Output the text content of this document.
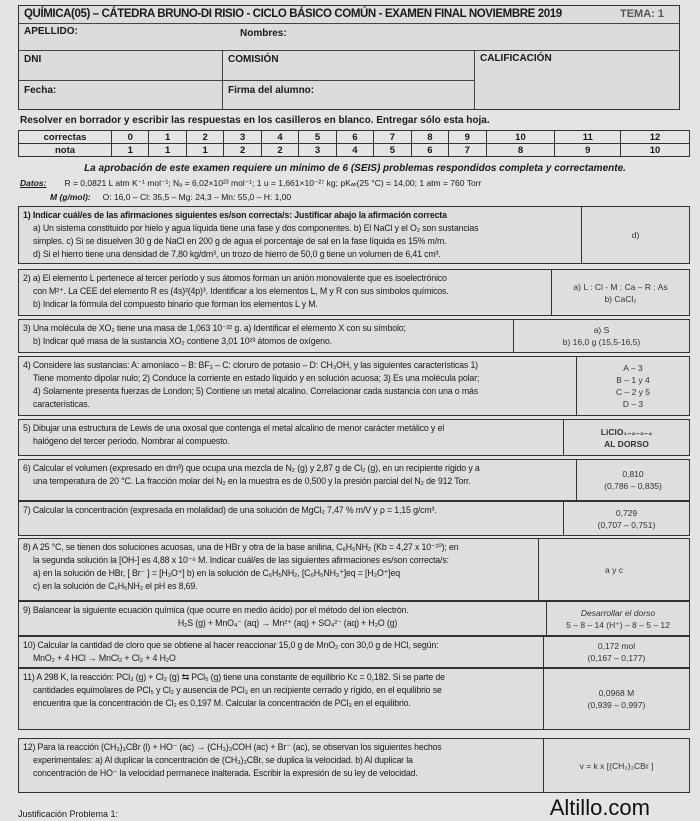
QUÍMICA(05) – CÁTEDRA BRUNO-DI RISIO - CICLO BÁSICO COMÚN - EXAMEN FINAL NOVIEMBRE 2019	TEMA: 1
APELLIDO:	Nombres:
DNI	COMISIÓN	CALIFICACIÓN
Fecha:	Firma del alumno:
Resolver en borrador y escribir las respuestas en los casilleros en blanco. Entregar sólo esta hoja.
correctas	0	1	2	3	4	5	6	7	8	9	10	11	12
nota	1	1	1	2	2	3	4	5	6	7	8	9	10
La aprobación de este examen requiere un mínimo de 6 (SEIS) problemas respondidos completa y correctamente.
Datos: R = 0,0821 L atm K⁻¹ mol⁻¹; Nₐ = 6,02×10²³ mol⁻¹; 1 u = 1,661×10⁻²⁷ kg; pK𝓌(25 °C) = 14,00; 1 atm = 760 Torr
M (g/mol): O: 16,0 – Cl: 35,5 – Mg: 24,3 – Mn: 55,0 – H: 1,00
1) Indicar cuál/es de las afirmaciones siguientes es/son correcta/s: Justificar abajo la afirmación correcta
a) Un sistema constituido por hielo y agua líquida tiene una fase y dos componentes. b) El NaCl y el O₂ son sustancias
simples. c) Si se disuelven 30 g de NaCl en 200 g de agua el porcentaje de sal en la fase líquida es 15% m/m.
d) Si el hierro tiene una densidad de 7,80 kg/dm³, un trozo de hierro de 50,0 g tiene un volumen de 6,41 cm³.
d)
2) a) El elemento L pertenece al tercer período y sus átomos forman un anión monovalente que es isoelectrónico
con M²⁺. La CEE del elemento R es (4s)²(4p)³. Identificar a los elementos L, M y R con sus símbolos químicos.
b) Indicar la fórmula del compuesto binario que forman los elementos L y M.
a) L : Cl - M : Ca – R : As
b) CaCl₂
3) Una molécula de XO₂ tiene una masa de 1,063 10⁻²² g. a) Identificar el elemento X con su símbolo;
b) Indicar qué masa de la sustancia XO₂ contiene 3,01 10²³ átomos de oxígeno.
a) S
b) 16,0 g (15,5-16,5)
4) Considere las sustancias: A: amoníaco – B: BF₃ – C: cloruro de potasio – D: CH₃OH, y las siguientes características 1)
Tiene momento dipolar nulo; 2) Conduce la corriente en estado líquido y en solución acuosa; 3) Es una molécula polar;
4) Solamente presenta fuerzas de London; 5) Contiene un metal alcalino. Correlacionar cada sustancia con una o más
características.
A – 3
B – 1 y 4
C – 2 y 5
D – 3
5) Dibujar una estructura de Lewis de una oxosal que contenga el metal alcalino de menor carácter metálico y el
halógeno del tercer período. Nombrar al compuesto.
LiClO₁₋₂₋₃₋₄
AL DORSO
6) Calcular el volumen (expresado en dm³) que ocupa una mezcla de N₂ (g) y 2,87 g de Cl₂ (g), en un recipiente rígido y a
una temperatura de 20 °C. La fracción molar del N₂ en la muestra es de 0,500 y la presión parcial del N₂ de 912 Torr.
0,810
(0,786 – 0,835)
7) Calcular la concentración (expresada en molalidad) de una solución de MgCl₂ 7,47 % m/V y ρ = 1,15 g/cm³.	0,729
(0,707 – 0,751)
8) A 25 °C, se tienen dos soluciones acuosas, una de HBr y otra de la base anilina, C₆H₅NH₂ (Kb = 4,27 x 10⁻¹⁰); en
la segunda solución la [OH-] es 4,88 x 10⁻⁶ M. Indicar cuál/es de las siguientes afirmaciones es/son correcta/s:
a) en la solución de HBr, [ Br⁻ ] = [H₃O⁺] b) en la solución de C₆H₅NH₂, [C₆H₅NH₃⁺]eq = [H₃O⁺]eq
c) en la solución de C₆H₅NH₂ el pH es 8,69.
a y c
9) Balancear la siguiente ecuación química (que ocurre en medio ácido) por el método del ion electrón.
H₂S (g) + MnO₄⁻ (aq) → Mn²⁺ (aq) + SO₄²⁻ (aq) + H₂O (g)
Desarrollar el dorso
5 – 8 – 14 (H⁺) – 8 – 5 – 12
10) Calcular la cantidad de cloro que se obtiene al hacer reaccionar 15,0 g de MnO₂ con 30,0 g de HCl, según:
MnO₂ + 4 HCl → MnCl₂ + Cl₂ + 4 H₂O
0,172 mol
(0,167 – 0,177)
11) A 298 K, la reacción: PCl₃ (g) + Cl₂ (g) ⇆ PCl₅ (g) tiene una constante de equilibrio Kc = 0,182. Si se parte de
cantidades equimolares de PCl₅ y Cl₂ y ausencia de PCl₃ en un recipiente cerrado y rígido, en el equilibrio se
encuentra que la concentración de Cl₂ es 0,197 M. Calcular la concentración de PCl₃ en el equilibrio.
0,0968 M
(0,939 – 0,997)
12) Para la reacción (CH₃)₃CBr (l) + HO⁻ (ac) → (CH₃)₃COH (ac) + Br⁻ (ac), se observan los siguientes hechos
experimentales: a) Al duplicar la concentración de (CH₃)₃CBr, se duplica la velocidad. b) Al duplicar la
concentración de HO⁻ la velocidad permanece inalterada. Escribir la expresión de su ley de velocidad.
v = k x [(CH₃)₃CBr ]
Justificación Problema 1:	Altillo.com
